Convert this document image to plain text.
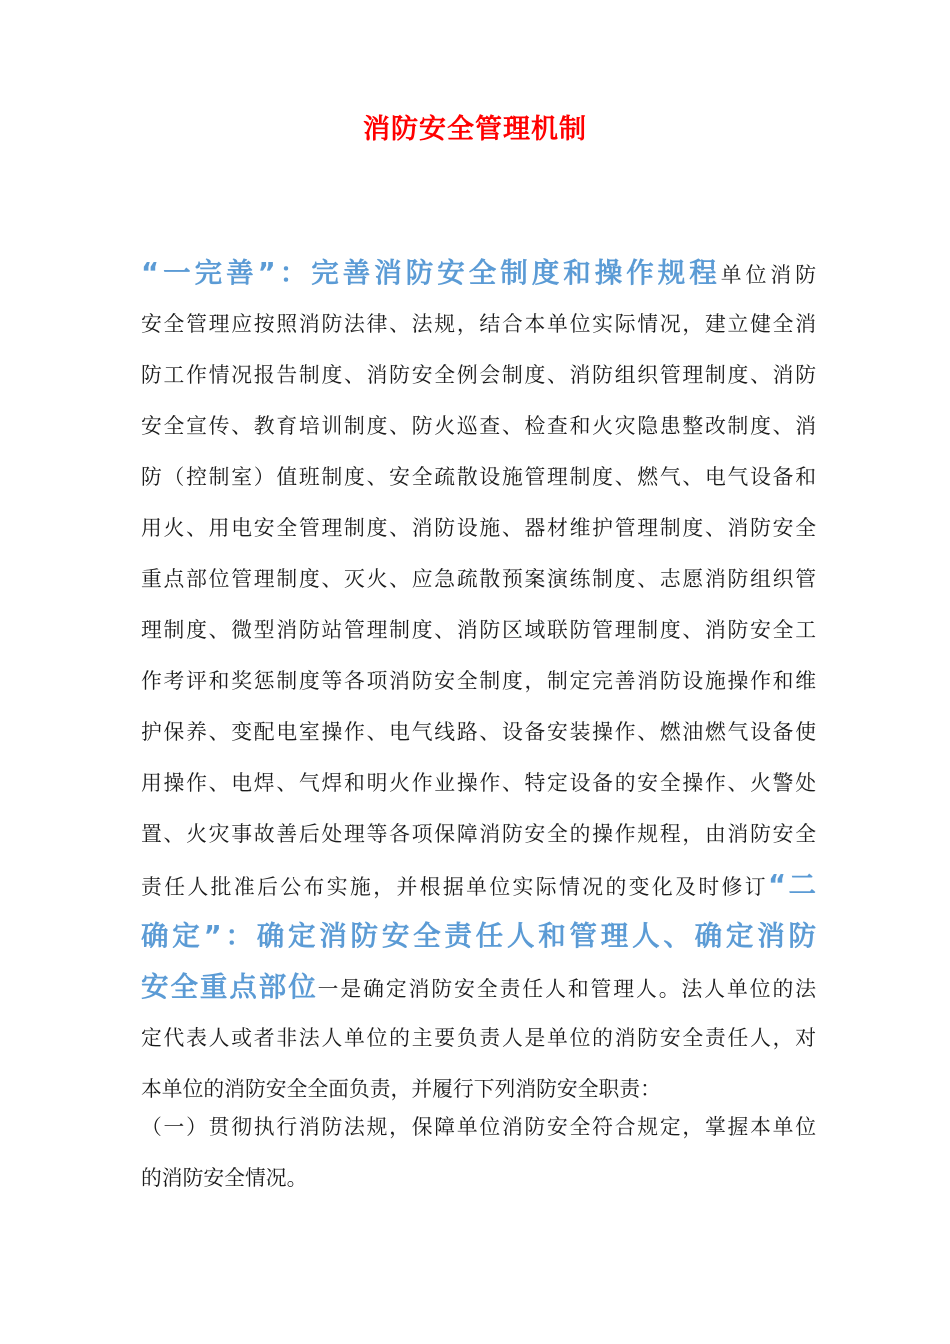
消防安全管理机制
“一完善”：完善消防安全制度和操作规程单位消防
安全管理应按照消防法律、法规，结合本单位实际情况，建立健全消
防工作情况报告制度、消防安全例会制度、消防组织管理制度、消防
安全宣传、教育培训制度、防火巡查、检查和火灾隐患整改制度、消
防（控制室）值班制度、安全疏散设施管理制度、燃气、电气设备和
用火、用电安全管理制度、消防设施、器材维护管理制度、消防安全
重点部位管理制度、灭火、应急疏散预案演练制度、志愿消防组织管
理制度、微型消防站管理制度、消防区域联防管理制度、消防安全工
作考评和奖惩制度等各项消防安全制度，制定完善消防设施操作和维
护保养、变配电室操作、电气线路、设备安装操作、燃油燃气设备使
用操作、电焊、气焊和明火作业操作、特定设备的安全操作、火警处
置、火灾事故善后处理等各项保障消防安全的操作规程，由消防安全
责任人批准后公布实施，并根据单位实际情况的变化及时修订“二
确定”：确定消防安全责任人和管理人、确定消防
安全重点部位一是确定消防安全责任人和管理人。法人单位的法
定代表人或者非法人单位的主要负责人是单位的消防安全责任人，对
本单位的消防安全全面负责，并履行下列消防安全职责：
（一）贯彻执行消防法规，保障单位消防安全符合规定，掌握本单位
的消防安全情况。
